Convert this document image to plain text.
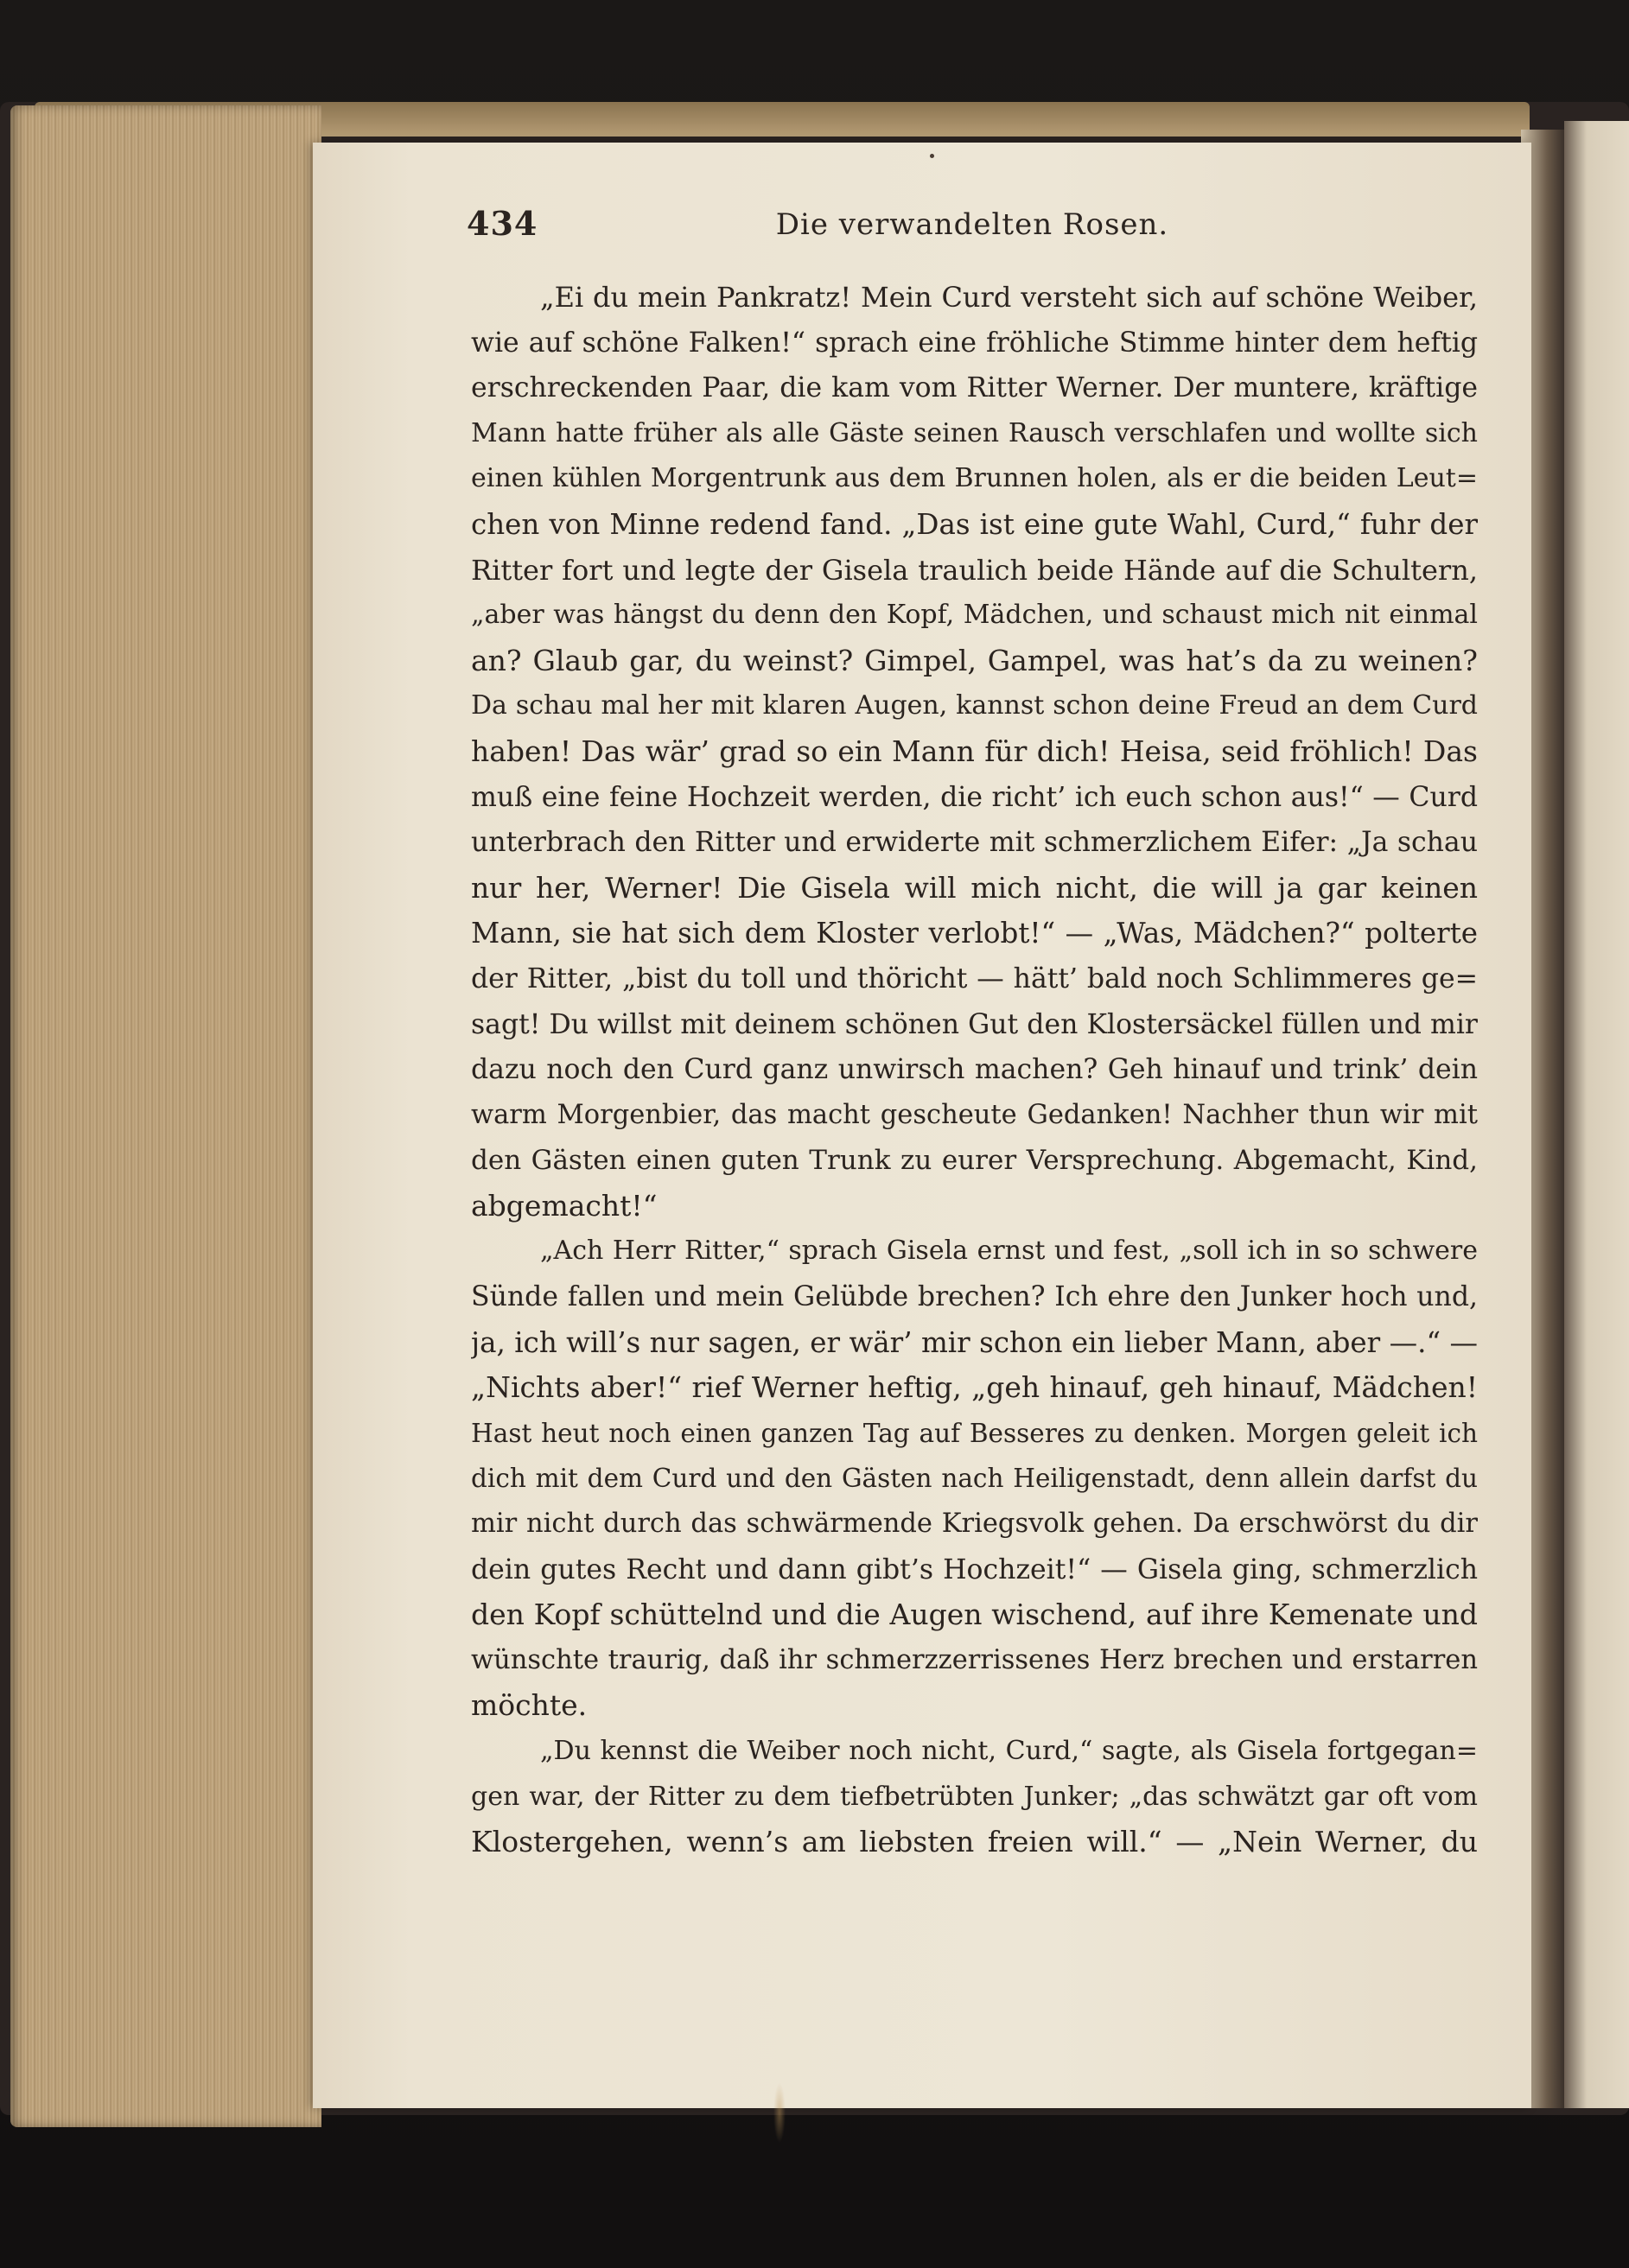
434	Die verwandelten Rosen.
„Ei du mein Pankratz! Mein Curd versteht sich auf schöne Weiber,
wie auf schöne Falken!“ sprach eine fröhliche Stimme hinter dem heftig
erschreckenden Paar, die kam vom Ritter Werner. Der muntere, kräftige
Mann hatte früher als alle Gäste seinen Rausch verschlafen und wollte sich
einen kühlen Morgentrunk aus dem Brunnen holen, als er die beiden Leut=
chen von Minne redend fand. „Das ist eine gute Wahl, Curd,“ fuhr der
Ritter fort und legte der Gisela traulich beide Hände auf die Schultern,
„aber was hängst du denn den Kopf, Mädchen, und schaust mich nit einmal
an? Glaub gar, du weinst? Gimpel, Gampel, was hat’s da zu weinen?
Da schau mal her mit klaren Augen, kannst schon deine Freud an dem Curd
haben! Das wär’ grad so ein Mann für dich! Heisa, seid fröhlich! Das
muß eine feine Hochzeit werden, die richt’ ich euch schon aus!“ — Curd
unterbrach den Ritter und erwiderte mit schmerzlichem Eifer: „Ja schau
nur her, Werner! Die Gisela will mich nicht, die will ja gar keinen
Mann, sie hat sich dem Kloster verlobt!“ — „Was, Mädchen?“ polterte
der Ritter, „bist du toll und thöricht — hätt’ bald noch Schlimmeres ge=
sagt! Du willst mit deinem schönen Gut den Klostersäckel füllen und mir
dazu noch den Curd ganz unwirsch machen? Geh hinauf und trink’ dein
warm Morgenbier, das macht gescheute Gedanken! Nachher thun wir mit
den Gästen einen guten Trunk zu eurer Versprechung. Abgemacht, Kind,
abgemacht!“
„Ach Herr Ritter,“ sprach Gisela ernst und fest, „soll ich in so schwere
Sünde fallen und mein Gelübde brechen? Ich ehre den Junker hoch und,
ja, ich will’s nur sagen, er wär’ mir schon ein lieber Mann, aber —.“ —
„Nichts aber!“ rief Werner heftig, „geh hinauf, geh hinauf, Mädchen!
Hast heut noch einen ganzen Tag auf Besseres zu denken. Morgen geleit ich
dich mit dem Curd und den Gästen nach Heiligenstadt, denn allein darfst du
mir nicht durch das schwärmende Kriegsvolk gehen. Da erschwörst du dir
dein gutes Recht und dann gibt’s Hochzeit!“ — Gisela ging, schmerzlich
den Kopf schüttelnd und die Augen wischend, auf ihre Kemenate und
wünschte traurig, daß ihr schmerzzerrissenes Herz brechen und erstarren
möchte.
„Du kennst die Weiber noch nicht, Curd,“ sagte, als Gisela fortgegan=
gen war, der Ritter zu dem tiefbetrübten Junker; „das schwätzt gar oft vom
Klostergehen, wenn’s am liebsten freien will.“ — „Nein Werner, du
